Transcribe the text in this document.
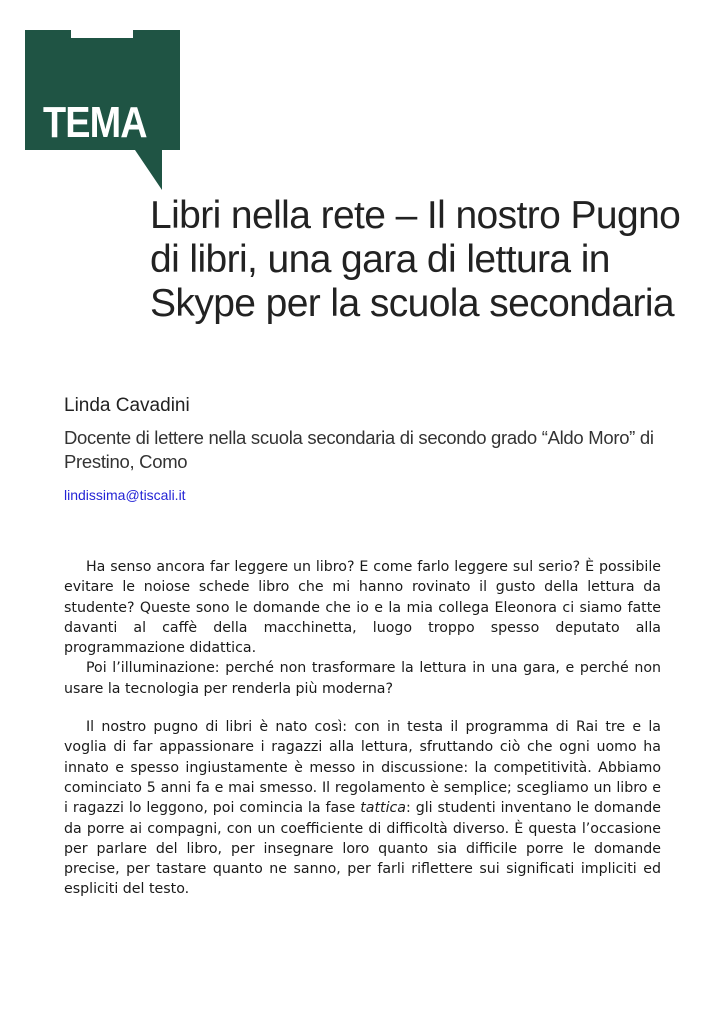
TEMA
Libri nella rete – Il nostro Pugno di libri, una gara di lettura in Skype per la scuola secondaria

Linda Cavadini

Docente di lettere nella scuola secondaria di secondo grado “Aldo Moro” di Prestino, Como

lindissima@tiscali.it

Ha senso ancora far leggere un libro? E come farlo leggere sul serio? È possibile evitare le noiose schede libro che mi hanno rovinato il gusto della lettura da studente? Queste sono le domande che io e la mia collega Eleonora ci siamo fatte davanti al caffè della macchinetta, luogo troppo spesso deputato alla programmazione didattica.

Poi l’illuminazione: perché non trasformare la lettura in una gara, e perché non usare la tecnologia per renderla più moderna?

Il nostro pugno di libri è nato così: con in testa il programma di Rai tre e la voglia di far appassionare i ragazzi alla lettura, sfruttando ciò che ogni uomo ha innato e spesso ingiustamente è messo in discussione: la competitività. Abbiamo cominciato 5 anni fa e mai smesso. Il regolamento è semplice; scegliamo un libro e i ragazzi lo leggono, poi comincia la fase tattica: gli studenti inventano le domande da porre ai compagni, con un coefficiente di difficoltà diverso. È questa l’occasione per parlare del libro, per insegnare loro quanto sia difficile porre le domande precise, per tastare quanto ne sanno, per farli riflettere sui significati impliciti ed espliciti del testo.
